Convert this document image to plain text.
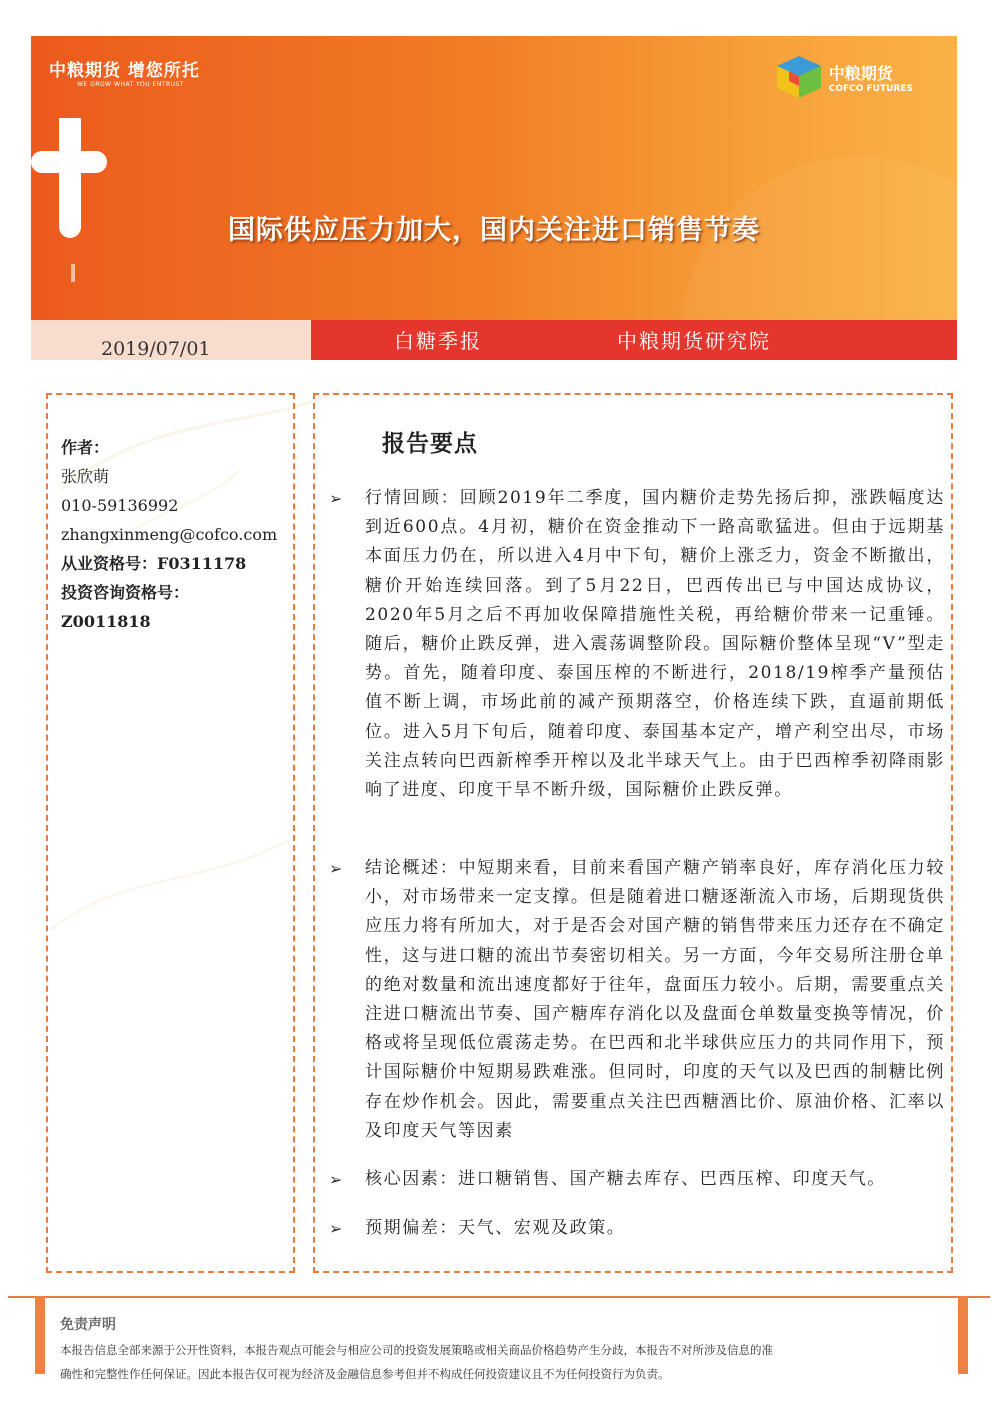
中粮期货 增您所托
WE GROW WHAT YOU ENTRUST
中粮期货
COFCO FUTURES
国际供应压力加大，国内关注进口销售节奏
2019/07/01	白糖季报	中粮期货研究院
作者：
张欣萌
010-59136992
zhangxinmeng@cofco.com
从业资格号：F0311178
投资咨询资格号：
Z0011818
报告要点
➢	行情回顾：回顾2019年二季度，国内糖价走势先扬后抑，涨跌幅度达到近600点。4月初，糖价在资金推动下一路高歌猛进。但由于远期基本面压力仍在，所以进入4月中下旬，糖价上涨乏力，资金不断撤出，糖价开始连续回落。到了5月22日，巴西传出已与中国达成协议，2020年5月之后不再加收保障措施性关税，再给糖价带来一记重锤。随后，糖价止跌反弹，进入震荡调整阶段。国际糖价整体呈现“V”型走势。首先，随着印度、泰国压榨的不断进行，2018/19榨季产量预估值不断上调，市场此前的减产预期落空，价格连续下跌，直逼前期低位。进入5月下旬后，随着印度、泰国基本定产，增产利空出尽，市场关注点转向巴西新榨季开榨以及北半球天气上。由于巴西榨季初降雨影响了进度、印度干旱不断升级，国际糖价止跌反弹。
➢	结论概述：中短期来看，目前来看国产糖产销率良好，库存消化压力较小，对市场带来一定支撑。但是随着进口糖逐渐流入市场，后期现货供应压力将有所加大，对于是否会对国产糖的销售带来压力还存在不确定性，这与进口糖的流出节奏密切相关。另一方面，今年交易所注册仓单的绝对数量和流出速度都好于往年，盘面压力较小。后期，需要重点关注进口糖流出节奏、国产糖库存消化以及盘面仓单数量变换等情况，价格或将呈现低位震荡走势。在巴西和北半球供应压力的共同作用下，预计国际糖价中短期易跌难涨。但同时，印度的天气以及巴西的制糖比例存在炒作机会。因此，需要重点关注巴西糖酒比价、原油价格、汇率以及印度天气等因素
➢	核心因素：进口糖销售、国产糖去库存、巴西压榨、印度天气。
➢	预期偏差：天气、宏观及政策。
免责声明
本报告信息全部来源于公开性资料，本报告观点可能会与相应公司的投资发展策略或相关商品价格趋势产生分歧，本报告不对所涉及信息的准
确性和完整性作任何保证。因此本报告仅可视为经济及金融信息参考但并不构成任何投资建议且不为任何投资行为负责。
